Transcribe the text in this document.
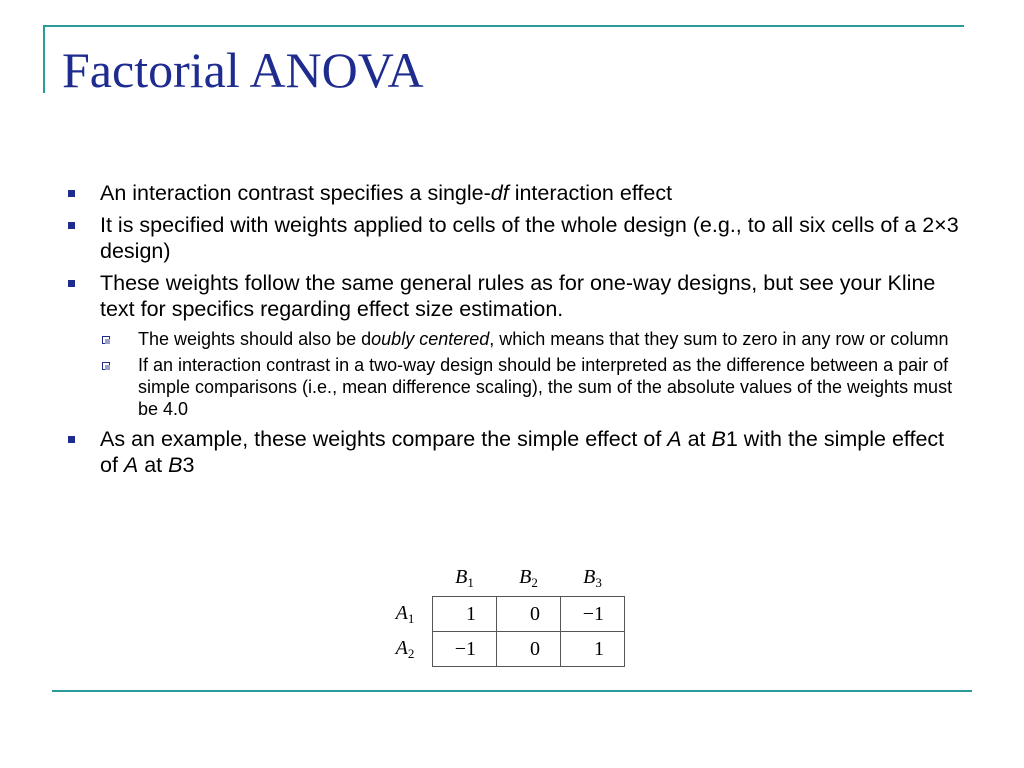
Factorial ANOVA
An interaction contrast specifies a single-df interaction effect
It is specified with weights applied to cells of the whole design (e.g., to all six cells of a 2×3 design)
These weights follow the same general rules as for one-way designs, but see your Kline text for specifics regarding effect size estimation.
The weights should also be doubly centered, which means that they sum to zero in any row or column
If an interaction contrast in a two-way design should be interpreted as the difference between a pair of simple comparisons (i.e., mean difference scaling), the sum of the absolute values of the weights must be 4.0
As an example, these weights compare the simple effect of A at B1 with the simple effect of A at B3
	$B_1$	$B_2$	$B_3$
$A_1$	1	0	−1
$A_2$	−1	0	1
